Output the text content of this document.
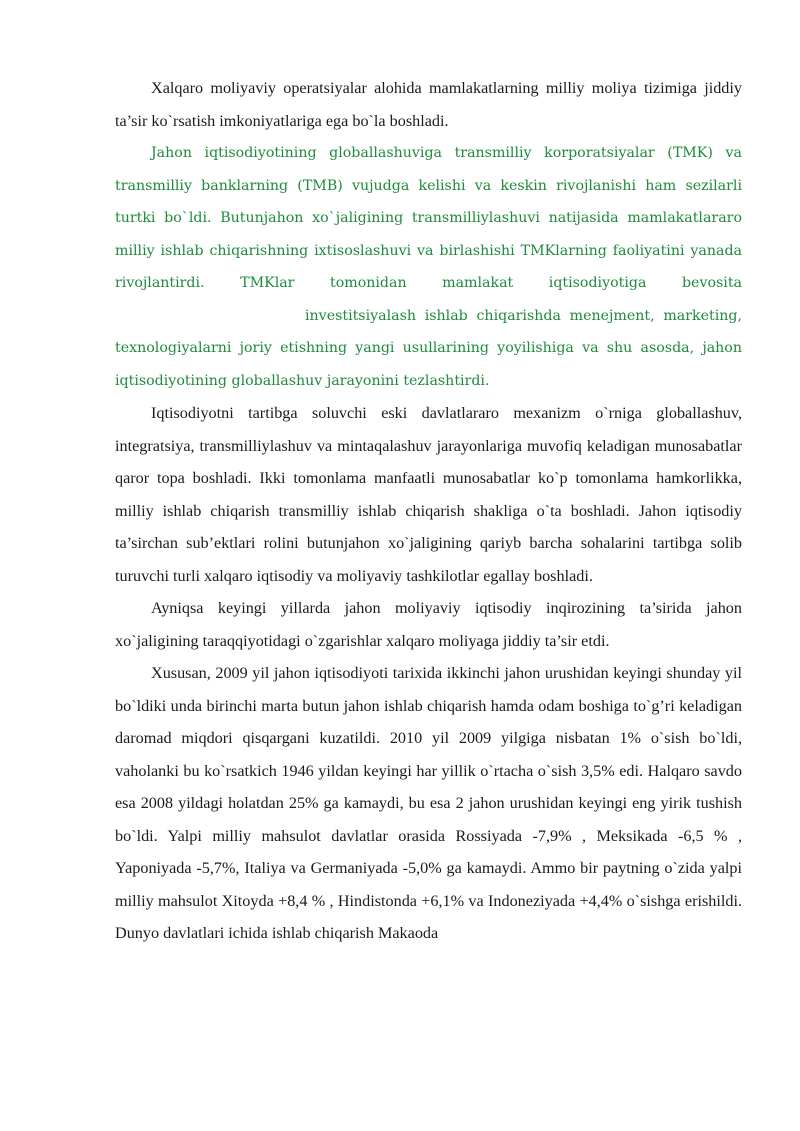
Xalqaro moliyaviy operatsiyalar alohida mamlakatlarning milliy moliya tizimiga jiddiy ta’sir ko`rsatish imkoniyatlariga ega bo`la boshladi.

Jahon iqtisodiyotining globallashuviga transmilliy korporatsiyalar (TMK) va transmilliy banklarning (TMB) vujudga kelishi va keskin rivojlanishi ham sezilarli turtki bo`ldi. Butunjahon xo`jaligining transmilliylashuvi natijasida mamlakatlararo milliy ishlab chiqarishning ixtisoslashuvi va birlashishi TMKlarning faoliyatini yanada rivojlantirdi. TMKlar tomonidan mamlakat iqtisodiyotiga bevositainvestitsiyalash ishlab chiqarishda menejment, marketing, texnologiyalarni joriy etishning yangi usullarining yoyilishiga va shu asosda, jahon iqtisodiyotining globallashuv jarayonini tezlashtirdi.

Iqtisodiyotni tartibga soluvchi eski davlatlararo mexanizm o`rniga globallashuv, integratsiya, transmilliylashuv va mintaqalashuv jarayonlariga muvofiq keladigan munosabatlar qaror topa boshladi. Ikki tomonlama manfaatli munosabatlar ko`p tomonlama hamkorlikka, milliy ishlab chiqarish transmilliy ishlab chiqarish shakliga o`ta boshladi. Jahon iqtisodiy ta’sirchan sub’ektlari rolini butunjahon xo`jaligining qariyb barcha sohalarini tartibga solib turuvchi turli xalqaro iqtisodiy va moliyaviy tashkilotlar egallay boshladi.

Ayniqsa keyingi yillarda jahon moliyaviy iqtisodiy inqirozining ta’sirida jahon xo`jaligining taraqqiyotidagi o`zgarishlar xalqaro moliyaga jiddiy ta’sir etdi.

Xususan, 2009 yil jahon iqtisodiyoti tarixida ikkinchi jahon urushidan keyingi shunday yil bo`ldiki unda birinchi marta butun jahon ishlab chiqarish hamda odam boshiga to`g’ri keladigan daromad miqdori qisqargani kuzatildi. 2010 yil 2009 yilgiga nisbatan 1% o`sish bo`ldi, vaholanki bu ko`rsatkich 1946 yildan keyingi har yillik o`rtacha o`sish 3,5% edi. Halqaro savdo esa 2008 yildagi holatdan 25% ga kamaydi, bu esa 2 jahon urushidan keyingi eng yirik tushish bo`ldi. Yalpi milliy mahsulot davlatlar orasida Rossiyada -7,9% , Meksikada -6,5 % , Yaponiyada -5,7%, Italiya va Germaniyada -5,0% ga kamaydi. Ammo bir paytning o`zida yalpi milliy mahsulot Xitoyda +8,4 % , Hindistonda +6,1% va Indoneziyada +4,4% o`sishga erishildi. Dunyo davlatlari ichida ishlab chiqarish Makaoda
